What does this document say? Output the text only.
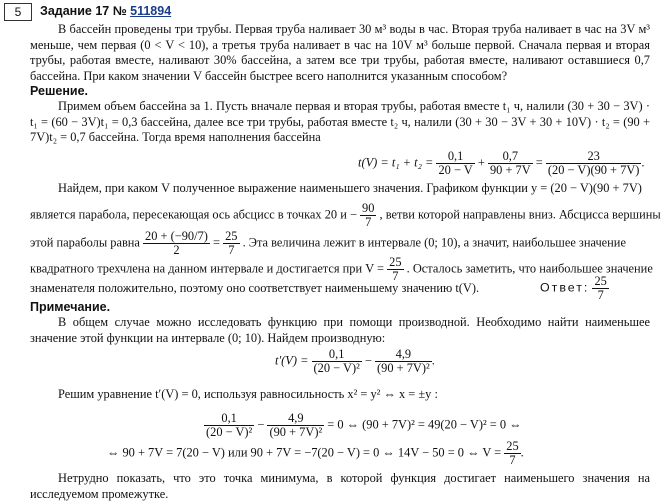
5	Задание 17 № 511894
В бассейн проведены три трубы. Первая труба наливает 30 м³ воды в час. Вторая труба наливает в час на 3V м³ меньше, чем первая (0 < V < 10), а третья труба наливает в час на 10V м³ больше первой. Сначала первая и вторая трубы, работая вместе, наливают 30% бассейна, а затем все три трубы, работая вместе, наливают оставшиеся 0,7 бассейна. При каком значении V бассейн быстрее всего наполнится указанным способом?
Решение.
Примем объем бассейна за 1. Пусть вначале первая и вторая трубы, работая вместе t₁ ч, налили (30 + 30 − 3V) · t₁ = (60 − 3V)t₁ = 0,3 бассейна, далее все три трубы, работая вместе t₂ ч, налили (30 + 30 − 3V + 30 + 10V) · t₂ = (90 + 7V)t₂ = 0,7 бассейна. Тогда время наполнения бассейна
$t(V) = t_1 + t_2 = \frac{0,1}{20 - V} + \frac{0,7}{90 + 7V} = \frac{23}{(20 - V)(90 + 7V)}$ .
Найдем, при каком V полученное выражение наименьшего значения. Графиком функции y = (20 − V)(90 + 7V)
является парабола, пересекающая ось абсцисс в точках 20 $и - \frac{90}{7}$ , ветви которой направлены вниз. Абсцисса вершины
этой параболы равна $\frac{20 + (-90/7)}{2} = \frac{25}{7}$ . Эта величина лежит в интервале (0; 10), а значит, наибольшее значение
квадратного трехчлена на данном интервале и достигается при $V = \frac{25}{7}$ . Осталось заметить, что наибольшее значение
знаменателя положительно, поэтому оно соответствует наименьшему значению t(V).	Ответ: $\frac{25}{7}$
Примечание.
В общем случае можно исследовать функцию при помощи производной. Необходимо найти наименьшее значение этой функции на интервале (0; 10). Найдем производную:
$t'(V) = \frac{0,1}{\text{(20 − V)²}} - \frac{4,9}{\text{(90 + 7V)²}}$ .
Решим уравнение t′(V) = 0, используя равносильность x² = y² ⇔ x = ±y :
$\frac{0,1}{\text{(20 − V)²}} - \frac{4,9}{\text{(90 + 7V)²}} = 0$ ⇔ (90 + 7V)² = 49(20 − V)² = 0 ⇔
⇔ 90 + 7V = 7(20 − V) или 90 + 7V = −7(20 − V) = 0 ⇔ 14V − 50 = 0 ⇔ $V = \frac{25}{7}$ .
Нетрудно показать, что это точка минимума, в которой функция достигает наименьшего значения на исследуемом промежутке.
